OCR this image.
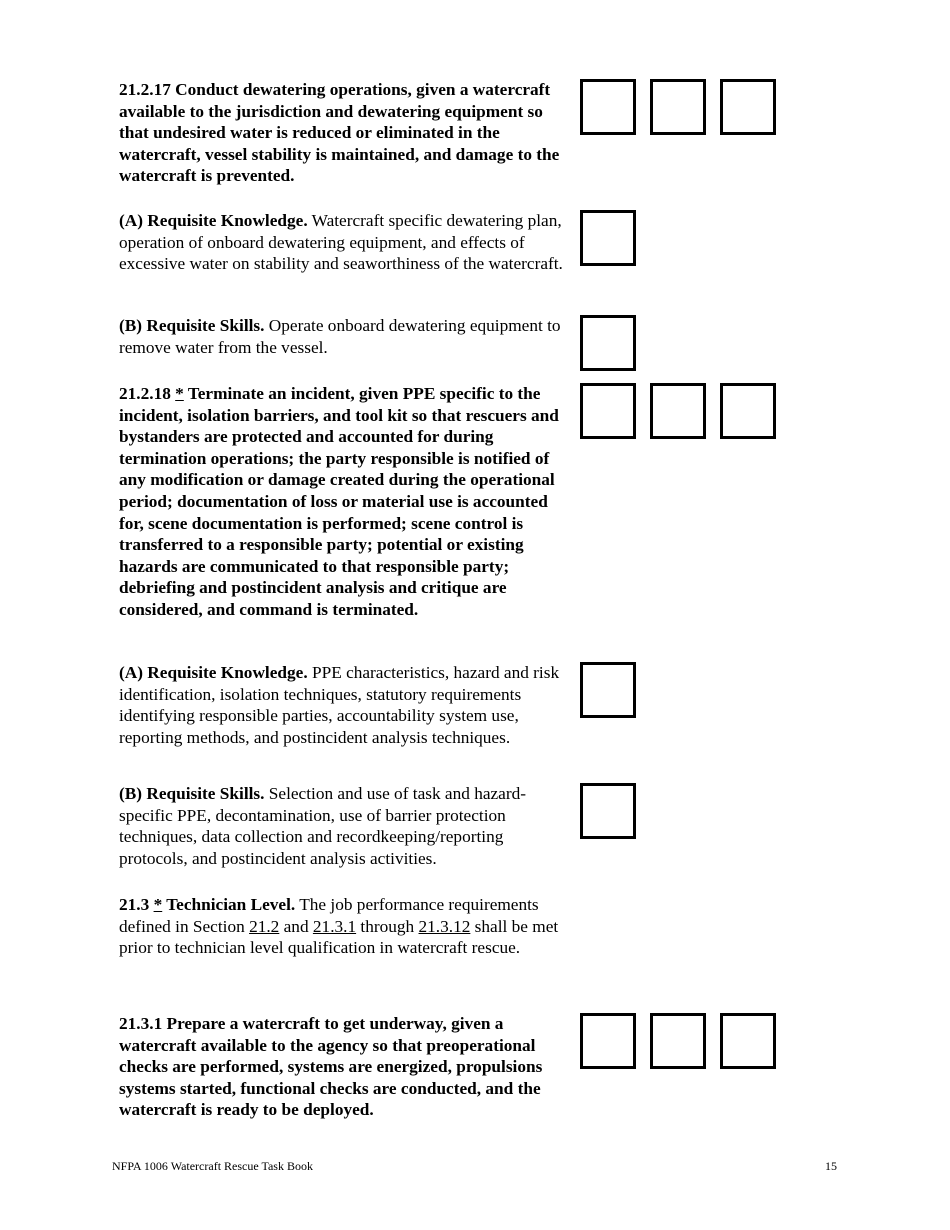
21.2.17 Conduct dewatering operations, given a watercraft available to the jurisdiction and dewatering equipment so that undesired water is reduced or eliminated in the watercraft, vessel stability is maintained, and damage to the watercraft is prevented.
(A) Requisite Knowledge. Watercraft specific dewatering plan, operation of onboard dewatering equipment, and effects of excessive water on stability and seaworthiness of the watercraft.
(B) Requisite Skills. Operate onboard dewatering equipment to remove water from the vessel.
21.2.18 * Terminate an incident, given PPE specific to the incident, isolation barriers, and tool kit so that rescuers and bystanders are protected and accounted for during termination operations; the party responsible is notified of any modification or damage created during the operational period; documentation of loss or material use is accounted for, scene documentation is performed; scene control is transferred to a responsible party; potential or existing hazards are communicated to that responsible party; debriefing and postincident analysis and critique are considered, and command is terminated.
(A) Requisite Knowledge. PPE characteristics, hazard and risk identification, isolation techniques, statutory requirements identifying responsible parties, accountability system use, reporting methods, and postincident analysis techniques.
(B) Requisite Skills. Selection and use of task and hazard-specific PPE, decontamination, use of barrier protection techniques, data collection and recordkeeping/reporting protocols, and postincident analysis activities.
21.3 * Technician Level. The job performance requirements defined in Section 21.2 and 21.3.1 through 21.3.12 shall be met prior to technician level qualification in watercraft rescue.
21.3.1 Prepare a watercraft to get underway, given a watercraft available to the agency so that preoperational checks are performed, systems are energized, propulsions systems started, functional checks are conducted, and the watercraft is ready to be deployed.
NFPA 1006 Watercraft Rescue Task Book	15
